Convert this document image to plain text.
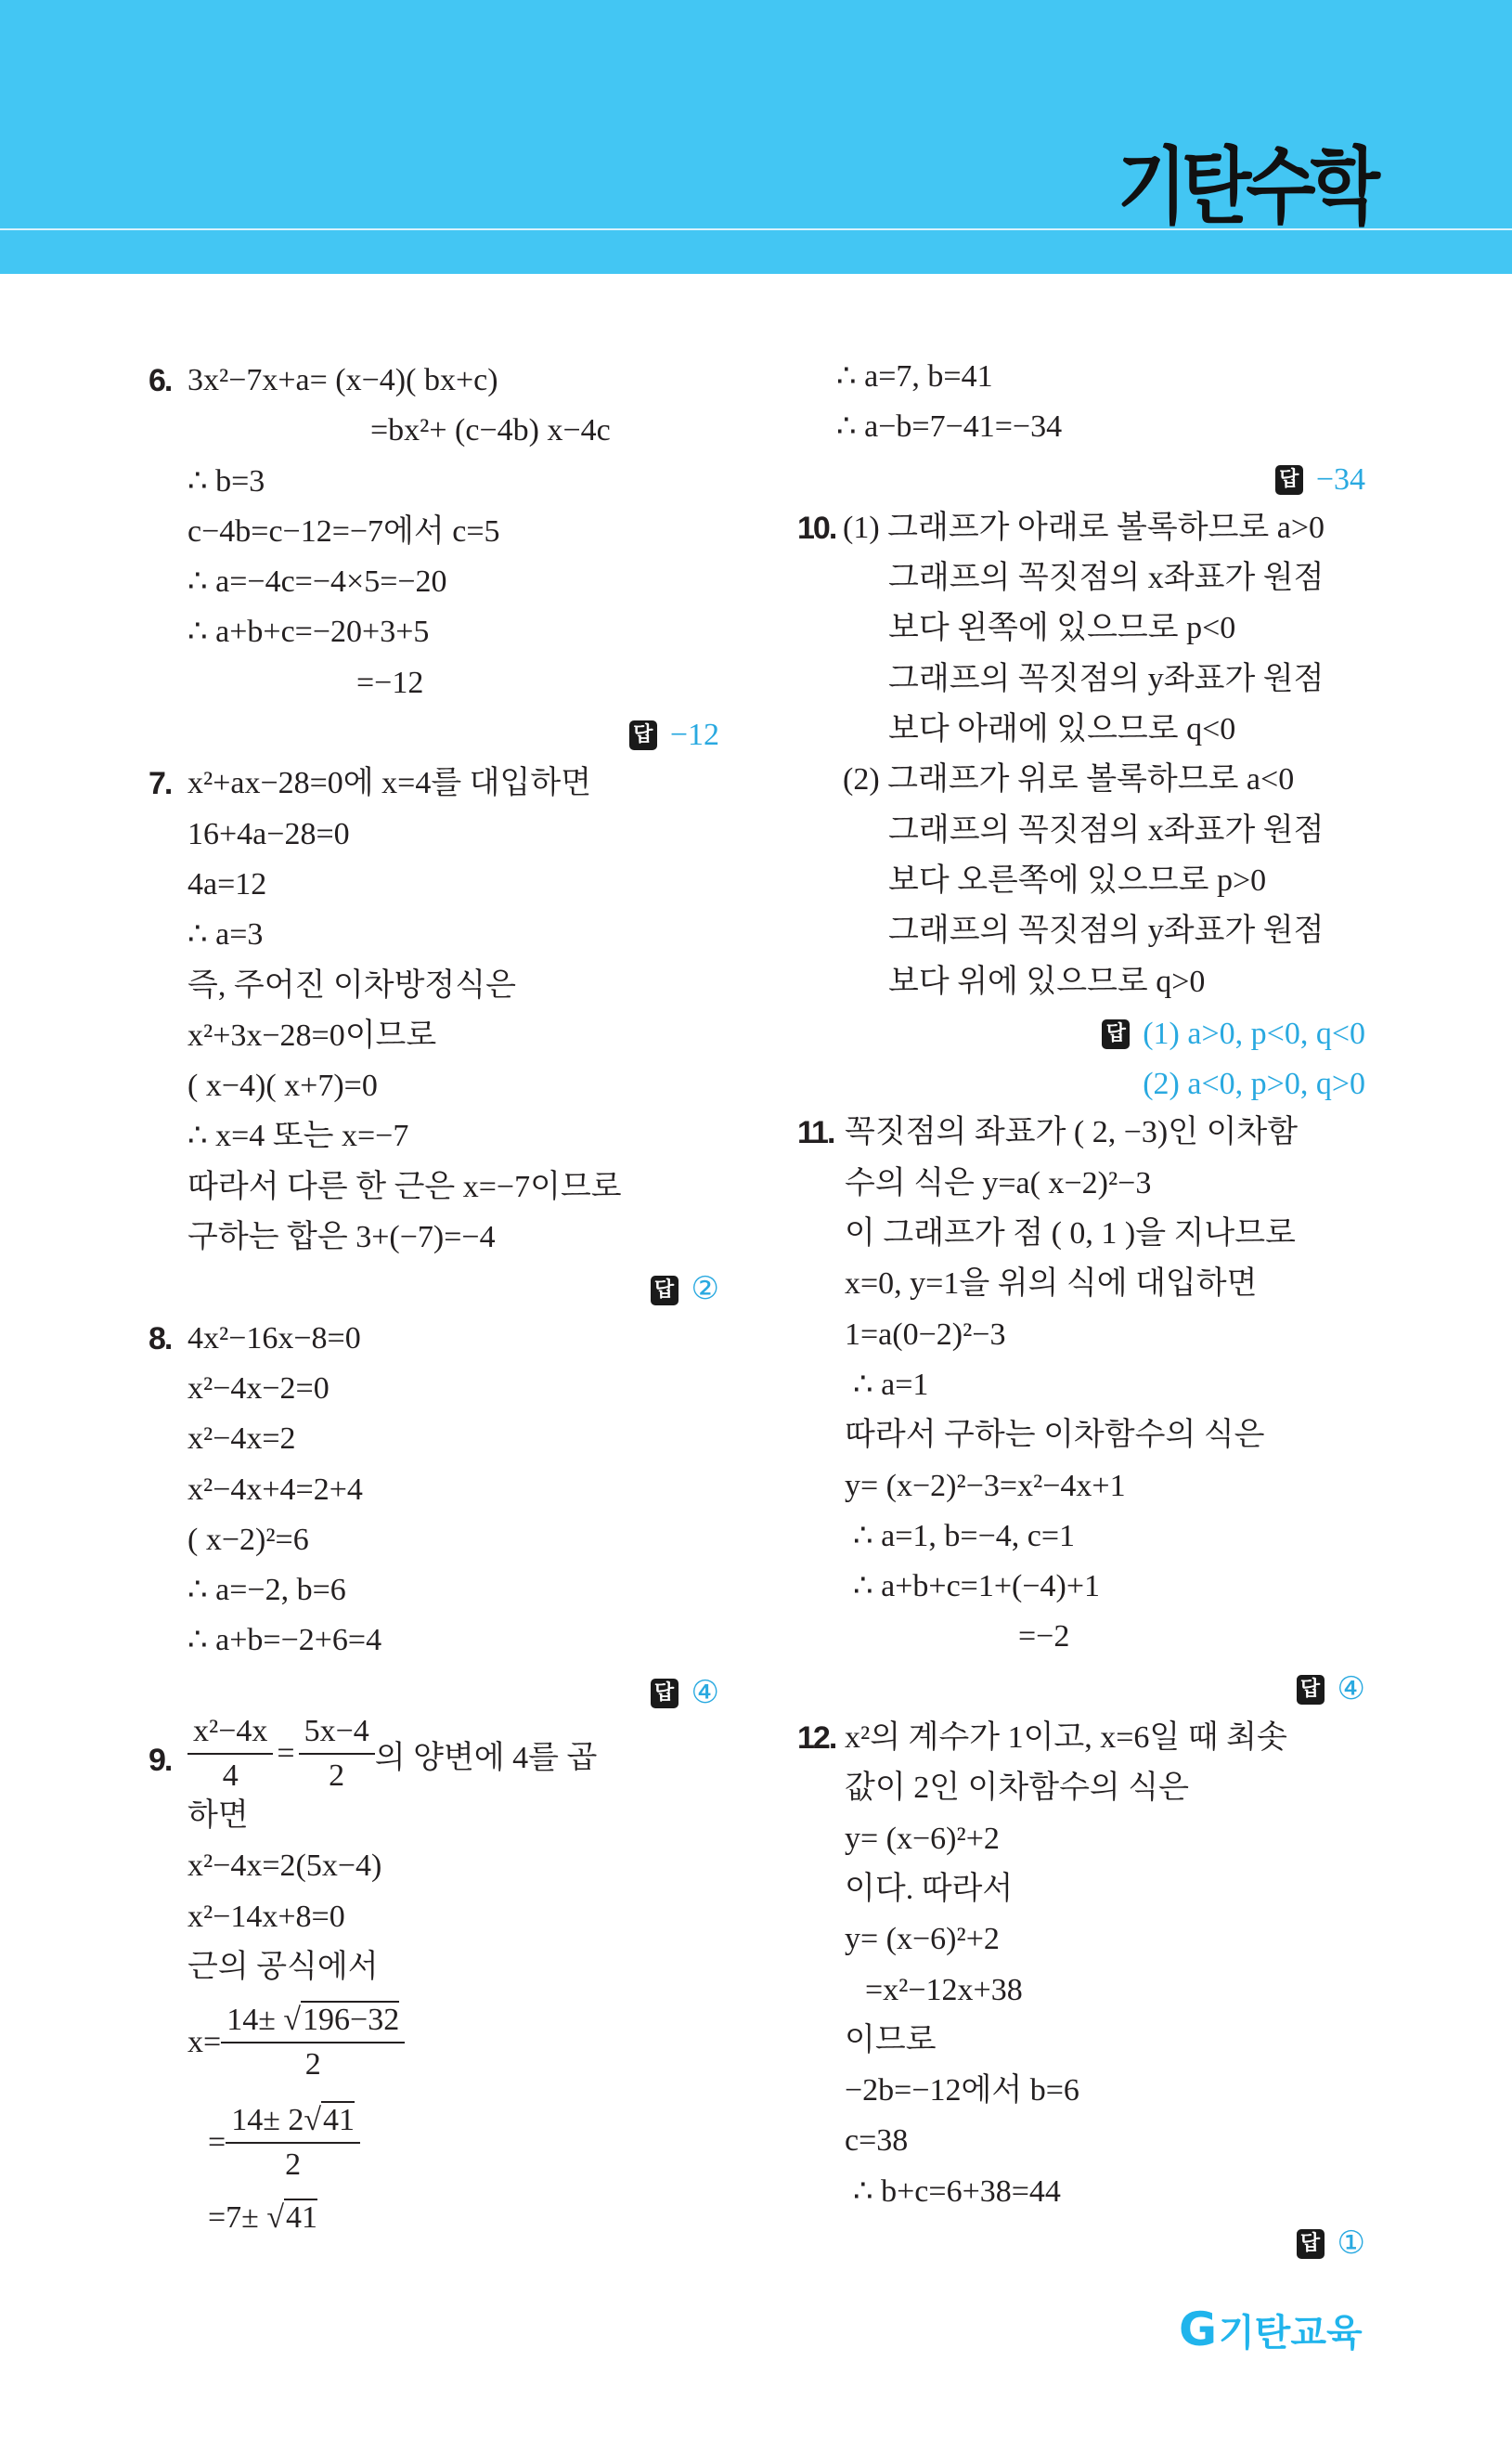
기탄수학
6. 3x²−7x+a= (x−4)( bx+c)
=bx²+ (c−4b) x−4c
∴ b=3
c−4b=c−12=−7에서 c=5
∴ a=−4c=−4×5=−20
∴ a+b+c=−20+3+5
=−12
답 −12
7. x²+ax−28=0에 x=4를 대입하면
16+4a−28=0
4a=12
∴ a=3
즉, 주어진 이차방정식은
x²+3x−28=0이므로
( x−4)( x+7)=0
∴ x=4 또는 x=−7
따라서 다른 한 근은 x=−7이므로
구하는 합은 3+(−7)=−4
답 ②
8. 4x²−16x−8=0
x²−4x−2=0
x²−4x=2
x²−4x+4=2+4
( x−2)²=6
∴ a=−2, b=6
∴ a+b=−2+6=4
답 ④
9. $\frac{\text{x²−4x}}{4} = \frac{5x-4}{2}$ 의 양변에 4를 곱
하면
x²−4x=2(5x−4)
x²−14x+8=0
근의 공식에서
$x= \frac{14\pm √196-32}{2}$
= $\frac{14\pm 2√41}{2}$
=7± √41
∴ a=7, b=41
∴ a−b=7−41=−34
답 −34
10. (1) 그래프가 아래로 볼록하므로 a>0
그래프의 꼭짓점의 x좌표가 원점
보다 왼쪽에 있으므로 p<0
그래프의 꼭짓점의 y좌표가 원점
보다 아래에 있으므로 q<0
(2) 그래프가 위로 볼록하므로 a<0
그래프의 꼭짓점의 x좌표가 원점
보다 오른쪽에 있으므로 p>0
그래프의 꼭짓점의 y좌표가 원점
보다 위에 있으므로 q>0
답 (1) a>0, p<0, q<0
(2) a<0, p>0, q>0
11. 꼭짓점의 좌표가 ( 2, −3)인 이차함
수의 식은 y=a( x−2)²−3
이 그래프가 점 ( 0, 1 )을 지나므로
x=0, y=1을 위의 식에 대입하면
1=a(0−2)²−3
∴ a=1
따라서 구하는 이차함수의 식은
y= (x−2)²−3=x²−4x+1
∴ a=1, b=−4, c=1
∴ a+b+c=1+(−4)+1
=−2
답 ④
12. x²의 계수가 1이고, x=6일 때 최솟
값이 2인 이차함수의 식은
y= (x−6)²+2
이다. 따라서
y= (x−6)²+2
=x²−12x+38
이므로
−2b=−12에서 b=6
c=38
∴ b+c=6+38=44
답 ①
G기탄교육
